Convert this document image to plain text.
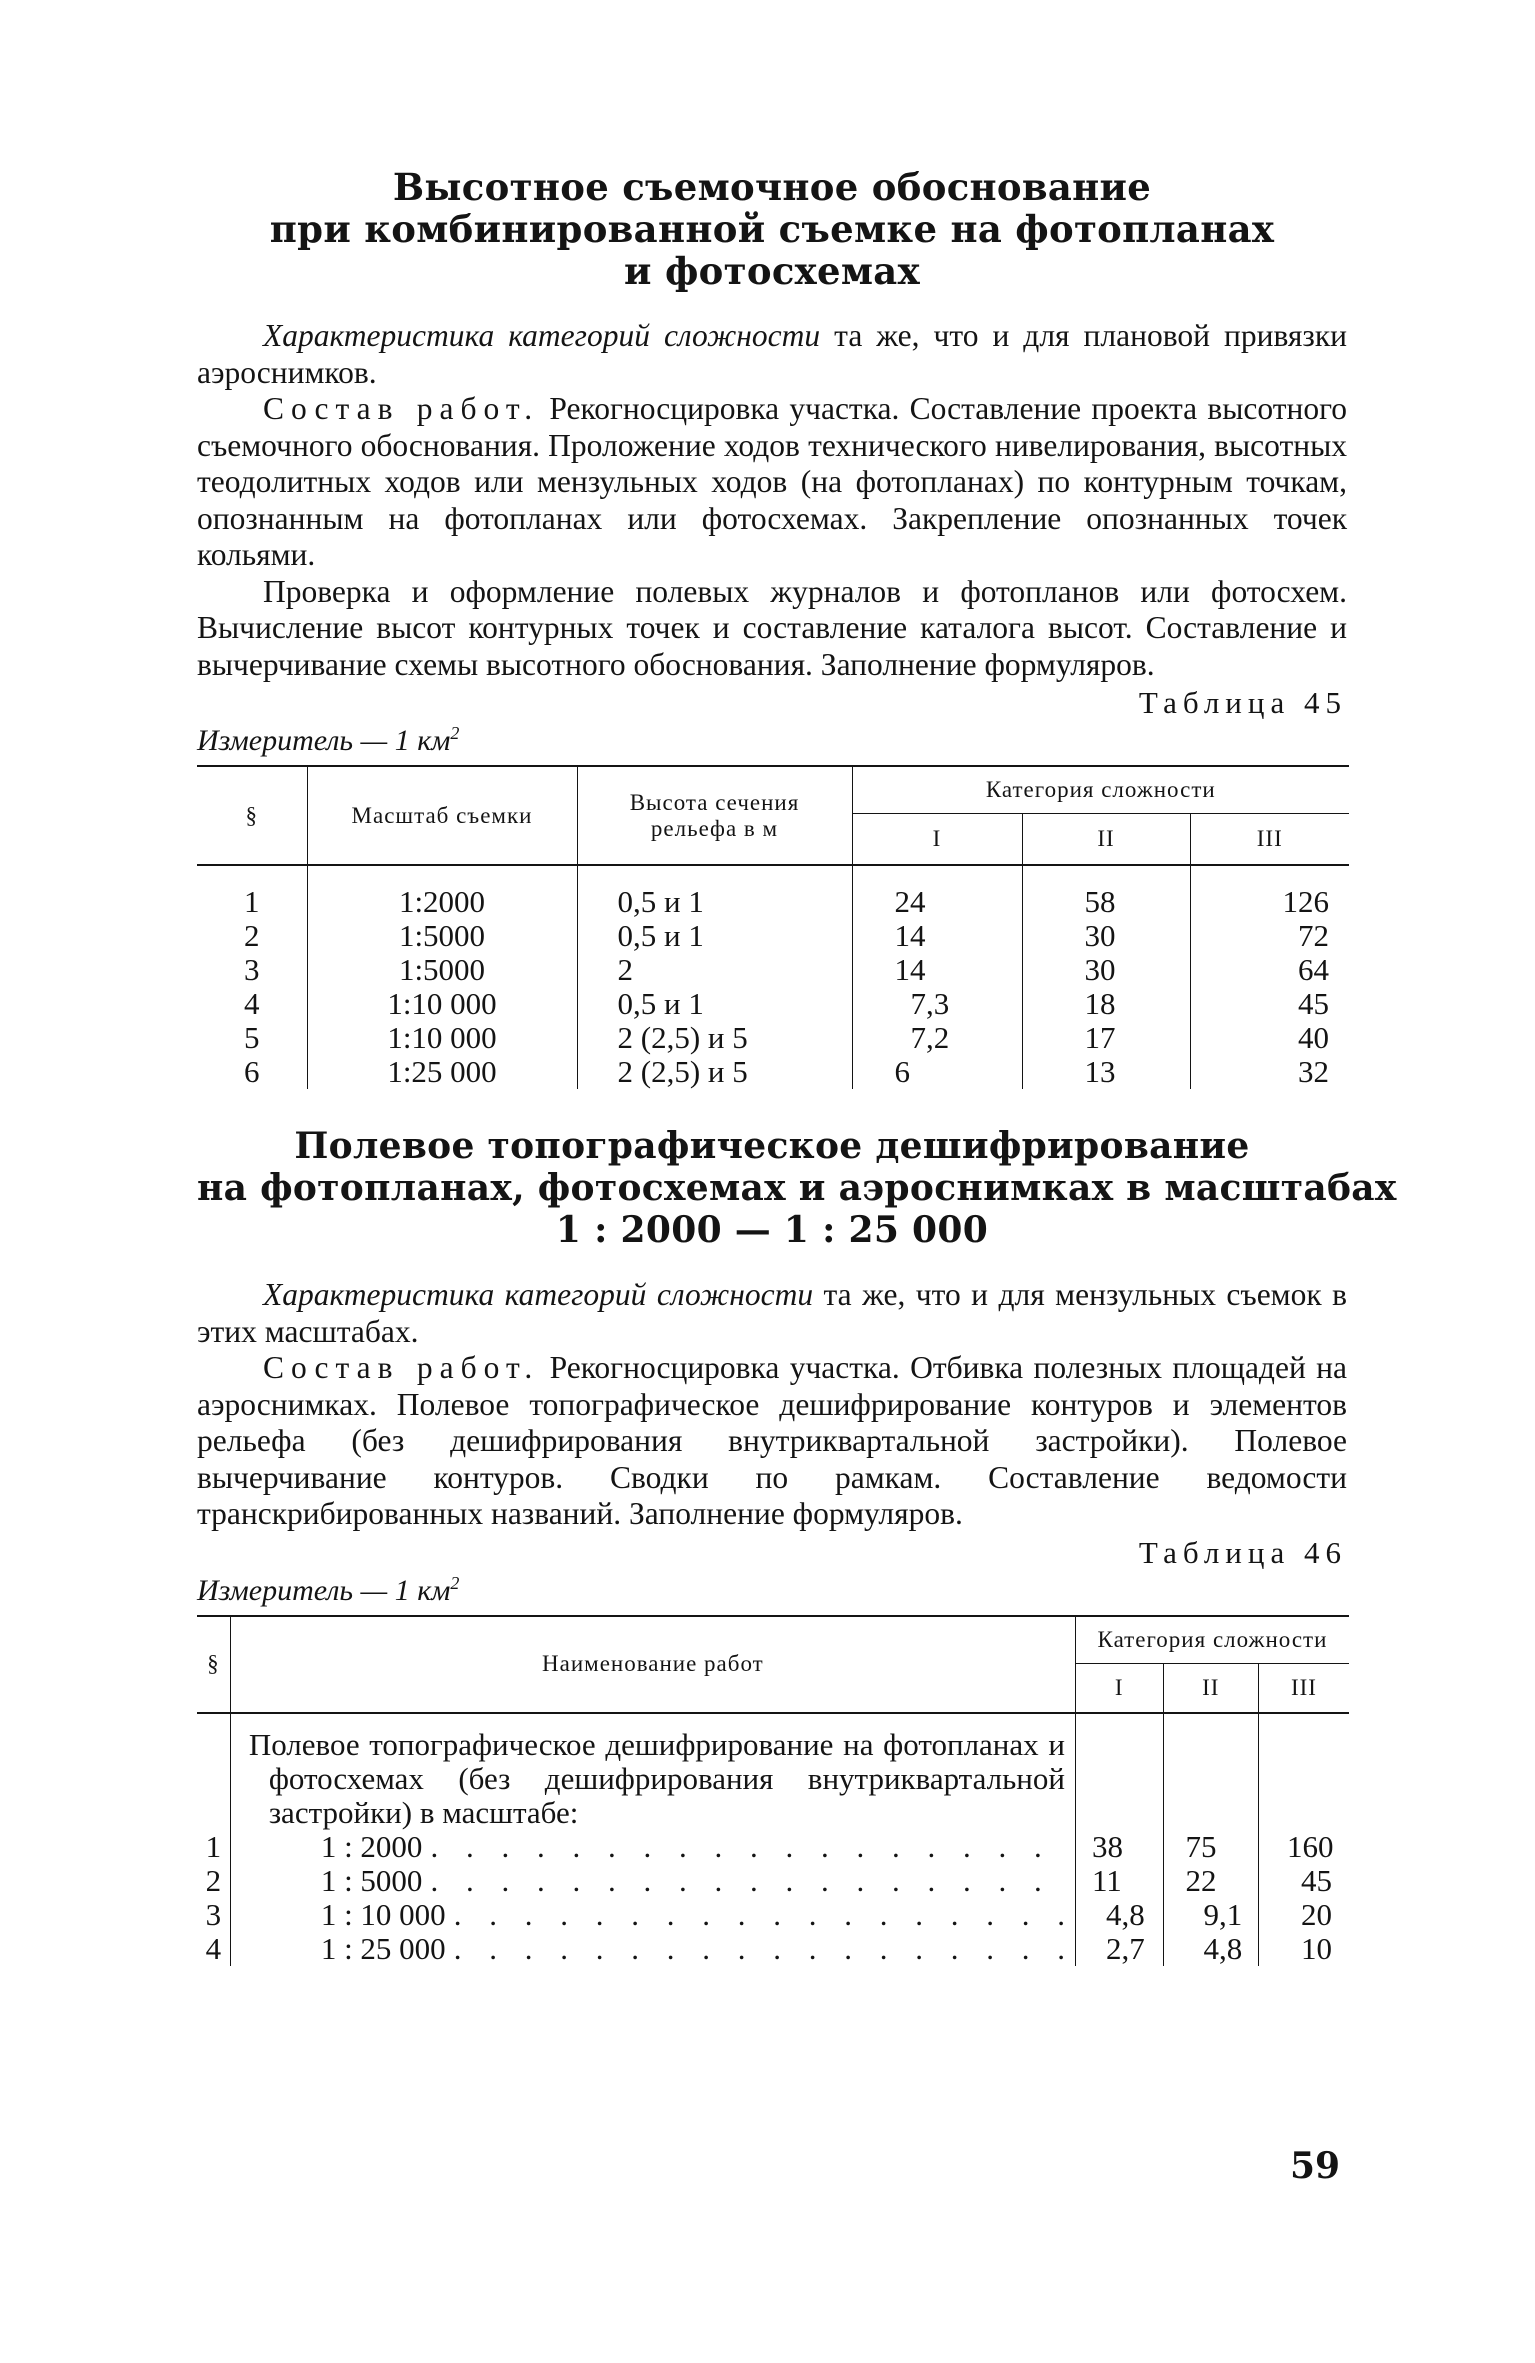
Высотное съемочное обоснование
при комбинированной съемке на фотопланах
и фотосхемах

Характеристика категорий сложности та же, что и для плановой привязки аэроснимков.

Состав работ. Рекогносцировка участка. Составление проекта высотного съемочного обоснования. Проложение ходов технического нивелирования, высотных теодолитных ходов или мензульных ходов (на фотопланах) по контурным точкам, опознанным на фотопланах или фотосхемах. Закрепление опознанных точек кольями.

Проверка и оформление полевых журналов и фотопланов или фотосхем. Вычисление высот контурных точек и составление каталога высот. Составление и вычерчивание схемы высотного обоснования. Заполнение формуляров.

Таблица 45
Измеритель — 1 $км^2$
§	Масштаб съемки	Высота сечения рельефа в м	Категория сложности		
			I	II	III

1	1:2000	0,5 и 1	24	58	126
2	1:5000	0,5 и 1	14	30	72
3	1:5000	2	14	30	64
4	1:10 000	0,5 и 1	7,3	18	45
5	1:10 000	2 (2,5) и 5	7,2	17	40
6	1:25 000	2 (2,5) и 5	6	13	32
Полевое топографическое дешифрирование
на фотопланах, фотосхемах и аэроснимках в масштабах
1 : 2000 — 1 : 25 000

Характеристика категорий сложности та же, что и для мензульных съемок в этих масштабах.

Состав работ. Рекогносцировка участка. Отбивка полезных площадей на аэроснимках. Полевое топографическое дешифрирование контуров и элементов рельефа (без дешифрирования внутриквартальной застройки). Полевое вычерчивание контуров. Сводки по рамкам. Составление ведомости транскрибированных названий. Заполнение формуляров.

Таблица 46
Измеритель — 1 $км^2$
§	Наименование работ	Категория сложности		
		I	II	III

	Полевое топографическое дешифрирование на фотопланах и фотосхемах (без дешифрирования внутриквартальной застройки) в масштабе:			

1	1 : 2000 . . . . . . . . . . . . . . . . . .	38	75	160
2	1 : 5000 . . . . . . . . . . . . . . . . . .	11	22	45
3	1 : 10 000 . . . . . . . . . . . . . . . . . .	4,8	9,1	20
4	1 : 25 000 . . . . . . . . . . . . . . . . . .	2,7	4,8	10
59
